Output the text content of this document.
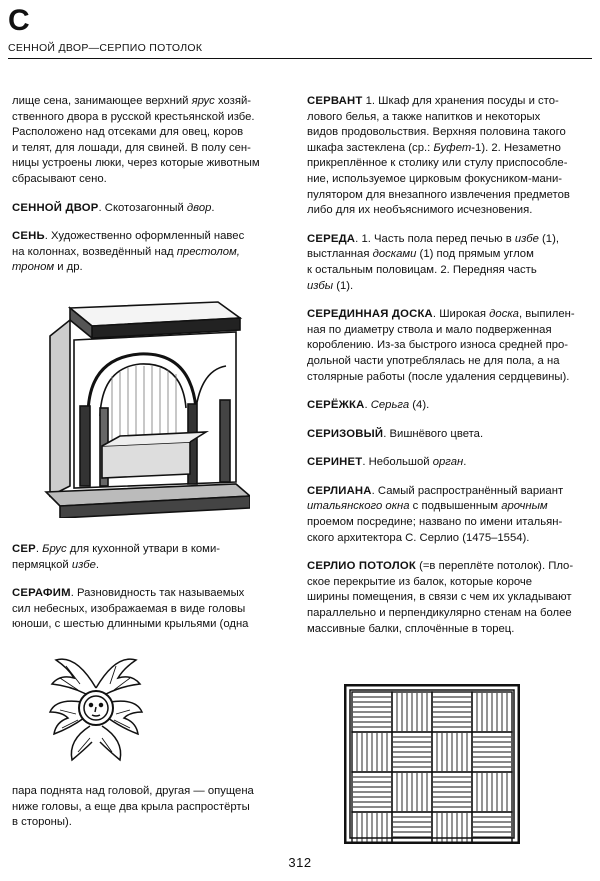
С
СЕННОЙ ДВОР—СЕРПИО ПОТОЛОК
лище сена, занимающее верхний ярус хозяй-
ственного двора в русской крестьянской избе.
Расположено над отсеками для овец, коров
и телят, для лошади, для свиней. В полу сен-
ницы устроены люки, через которые животным
сбрасывают сено.
СЕННОЙ ДВОР. Скотозагонный двор.
СЕНЬ. Художественно оформленный навес
на колоннах, возведённый над престолом,
троном и др.
СЕР. Брус для кухонной утвари в коми-
пермяцкой избе.
СЕРАФИМ. Разновидность так называемых
сил небесных, изображаемая в виде головы
юноши, с шестью длинными крыльями (одна
пара поднята над головой, другая — опущена
ниже головы, а еще два крыла распростёрты
в стороны).
СЕРВАНТ 1. Шкаф для хранения посуды и сто-
лового белья, а также напитков и некоторых
видов продовольствия. Верхняя половина такого
шкафа застеклена (ср.: Буфет-1). 2. Незаметно
прикреплённое к столику или стулу приспособле-
ние, используемое цирковым фокусником-мани-
пулятором для внезапного извлечения предметов
либо для их необъяснимого исчезновения.
СЕРЕДА. 1. Часть пола перед печью в избе (1),
выстланная досками (1) под прямым углом
к остальным половицам. 2. Передняя часть
избы (1).
СЕРЕДИННАЯ ДОСКА. Широкая доска, выпилен-
ная по диаметру ствола и мало подверженная
короблению. Из-за быстрого износа средней про-
дольной части употреблялась не для пола, а на
столярные работы (после удаления сердцевины).
СЕРЁЖКА. Серьга (4).
СЕРИЗОВЫЙ. Вишнёвого цвета.
СЕРИНЕТ. Небольшой орган.
СЕРЛИАНА. Самый распространённый вариант
итальянского окна с подвышенным арочным
проемом посредине; названо по имени итальян-
ского архитектора С. Серлио (1475–1554).
СЕРЛИО ПОТОЛОК (=в переплёте потолок). Пло-
ское перекрытие из балок, которые короче
ширины помещения, в связи с чем их укладывают
параллельно и перпендикулярно стенам на более
массивные балки, сплочённые в торец.
312
